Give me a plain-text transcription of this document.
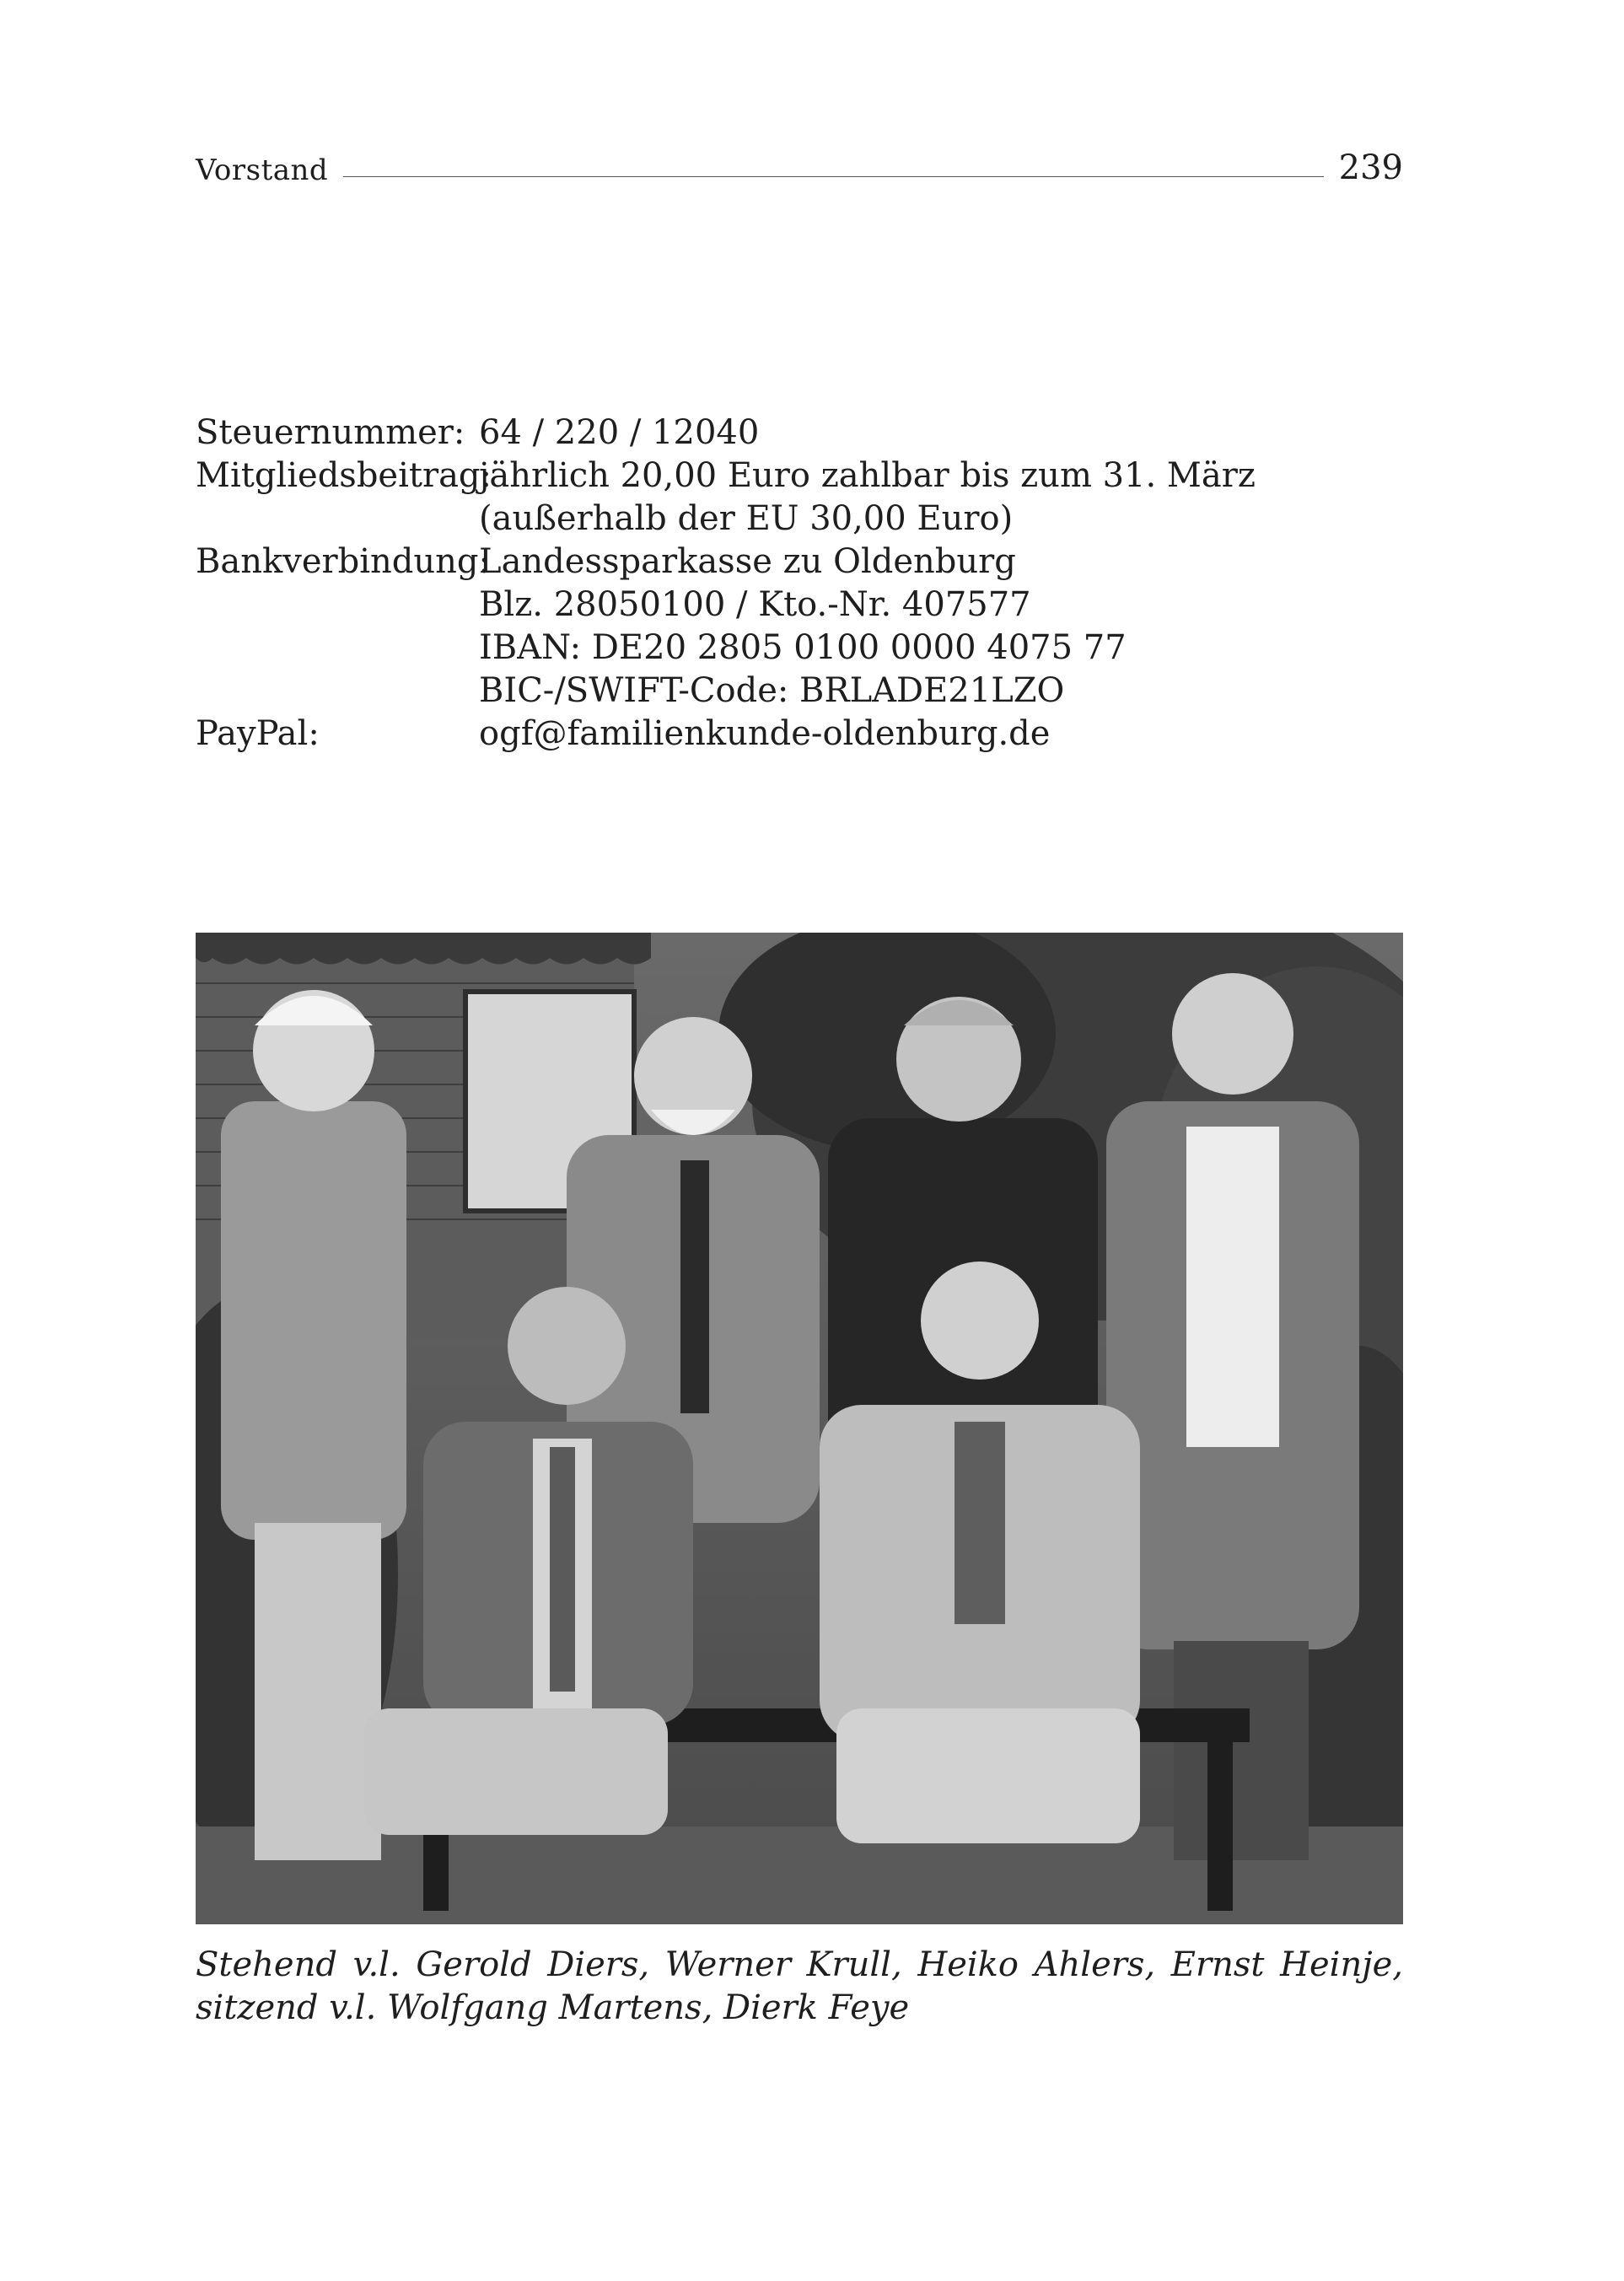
Vorstand	239
Steuernummer: 64 / 220 / 12040
Mitgliedsbeitrag:
jährlich 20,00 Euro zahlbar bis zum 31. März
(außerhalb der EU 30,00 Euro)
Bankverbindung:
Landessparkasse zu Oldenburg
Blz. 28050100 / Kto.-Nr. 407577
IBAN: DE20 2805 0100 0000 4075 77
BIC-/SWIFT-Code: BRLADE21LZO
PayPal:	ogf@familienkunde-oldenburg.de
Stehend v.l. Gerold Diers, Werner Krull, Heiko Ahlers, Ernst Heinje, sitzend v.l. Wolfgang Martens, Dierk Feye
